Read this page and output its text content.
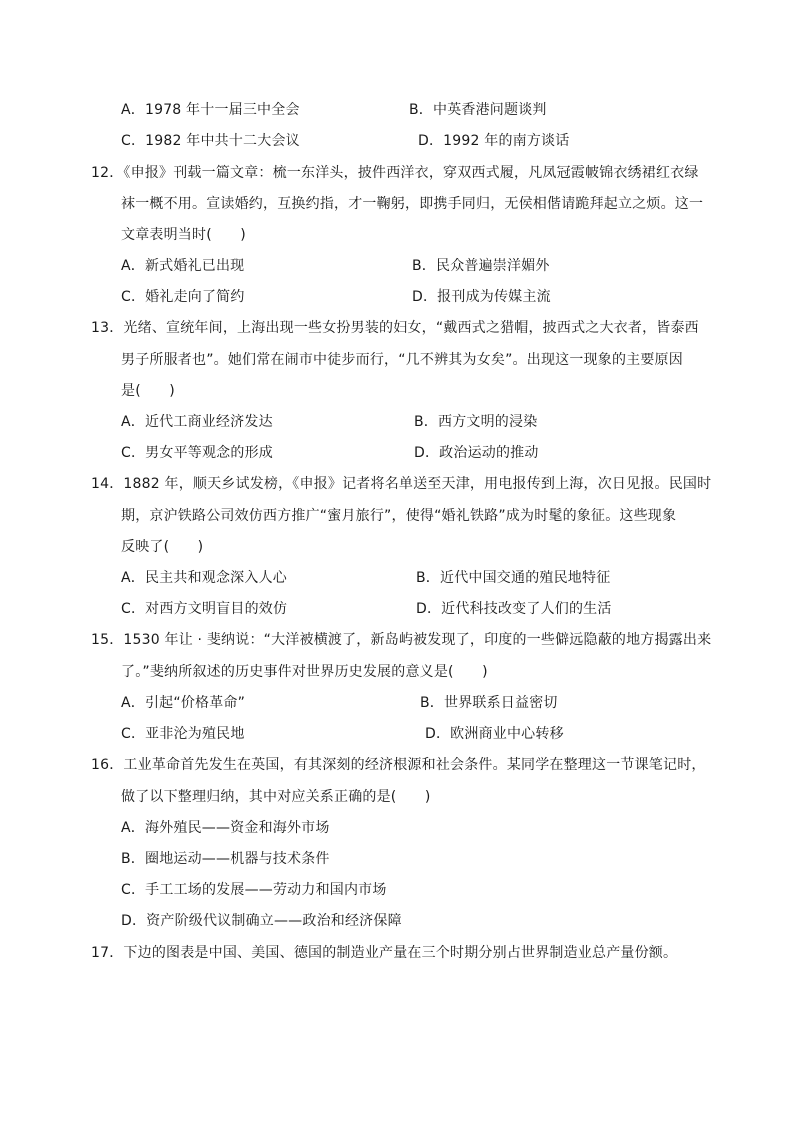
A．1978 年十一届三中全会	B．中英香港问题谈判
C．1982 年中共十二大会议	D．1992 年的南方谈话
12．《申报》刊载一篇文章：梳一东洋头，披件西洋衣，穿双西式履，凡凤冠霞帔锦衣绣裙红衣绿
袜一概不用。宣读婚约，互换约指，才一鞠躬，即携手同归，无侯相偕请跪拜起立之烦。这一
文章表明当时(　　)
A．新式婚礼已出现	B．民众普遍崇洋媚外
C．婚礼走向了简约	D．报刊成为传媒主流
13．光绪、宣统年间，上海出现一些女扮男装的妇女，“戴西式之猎帽，披西式之大衣者，皆泰西
男子所服者也”。她们常在闹市中徒步而行，“几不辨其为女矣”。出现这一现象的主要原因
是(　　)
A．近代工商业经济发达	B．西方文明的浸染
C．男女平等观念的形成	D．政治运动的推动
14．1882 年，顺天乡试发榜，《申报》记者将名单送至天津，用电报传到上海，次日见报。民国时
期，京沪铁路公司效仿西方推广“蜜月旅行”，使得“婚礼铁路”成为时髦的象征。这些现象
反映了(　　)
A．民主共和观念深入人心	B．近代中国交通的殖民地特征
C．对西方文明盲目的效仿	D．近代科技改变了人们的生活
15．1530 年让 · 斐纳说：“大洋被横渡了，新岛屿被发现了，印度的一些僻远隐蔽的地方揭露出来
了。”斐纳所叙述的历史事件对世界历史发展的意义是(　　)
A．引起“价格革命”	B．世界联系日益密切
C．亚非沦为殖民地	D．欧洲商业中心转移
16．工业革命首先发生在英国，有其深刻的经济根源和社会条件。某同学在整理这一节课笔记时，
做了以下整理归纳，其中对应关系正确的是(　　)
A．海外殖民——资金和海外市场
B．圈地运动——机器与技术条件
C．手工工场的发展——劳动力和国内市场
D．资产阶级代议制确立——政治和经济保障
17．下边的图表是中国、美国、德国的制造业产量在三个时期分别占世界制造业总产量份额。
